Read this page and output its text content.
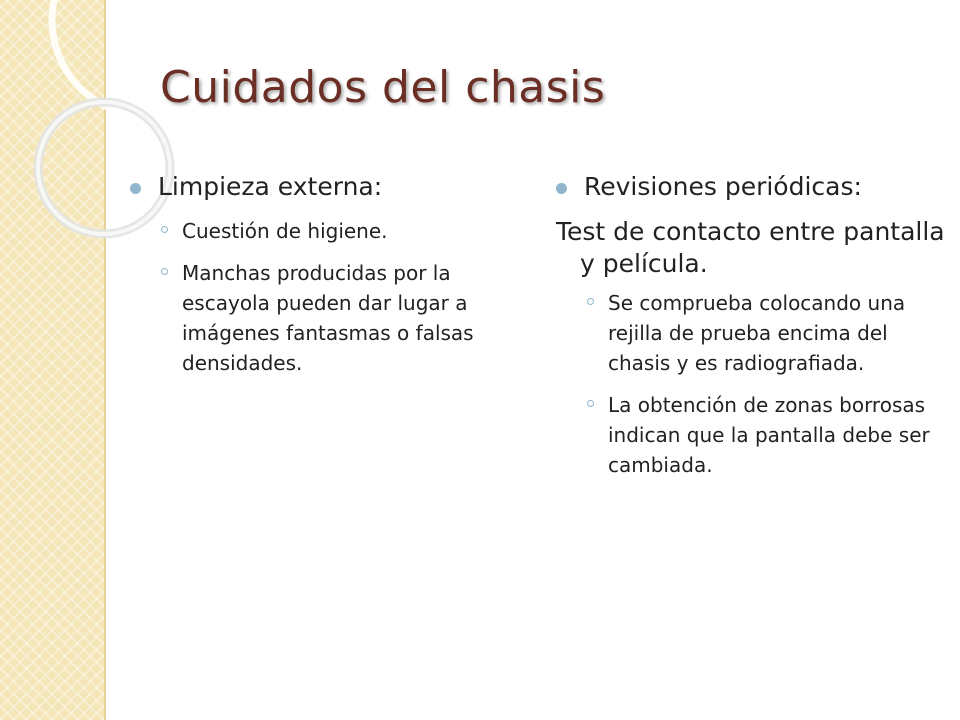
Cuidados del chasis
Limpieza externa:
Cuestión de higiene.
Manchas producidas por la escayola pueden dar lugar a imágenes fantasmas o falsas densidades.
Revisiones periódicas:
Test de contacto entre pantalla y película.
Se comprueba colocando una rejilla de prueba encima del chasis y es radiografiada.
La obtención de zonas borrosas indican que la pantalla debe ser cambiada.
